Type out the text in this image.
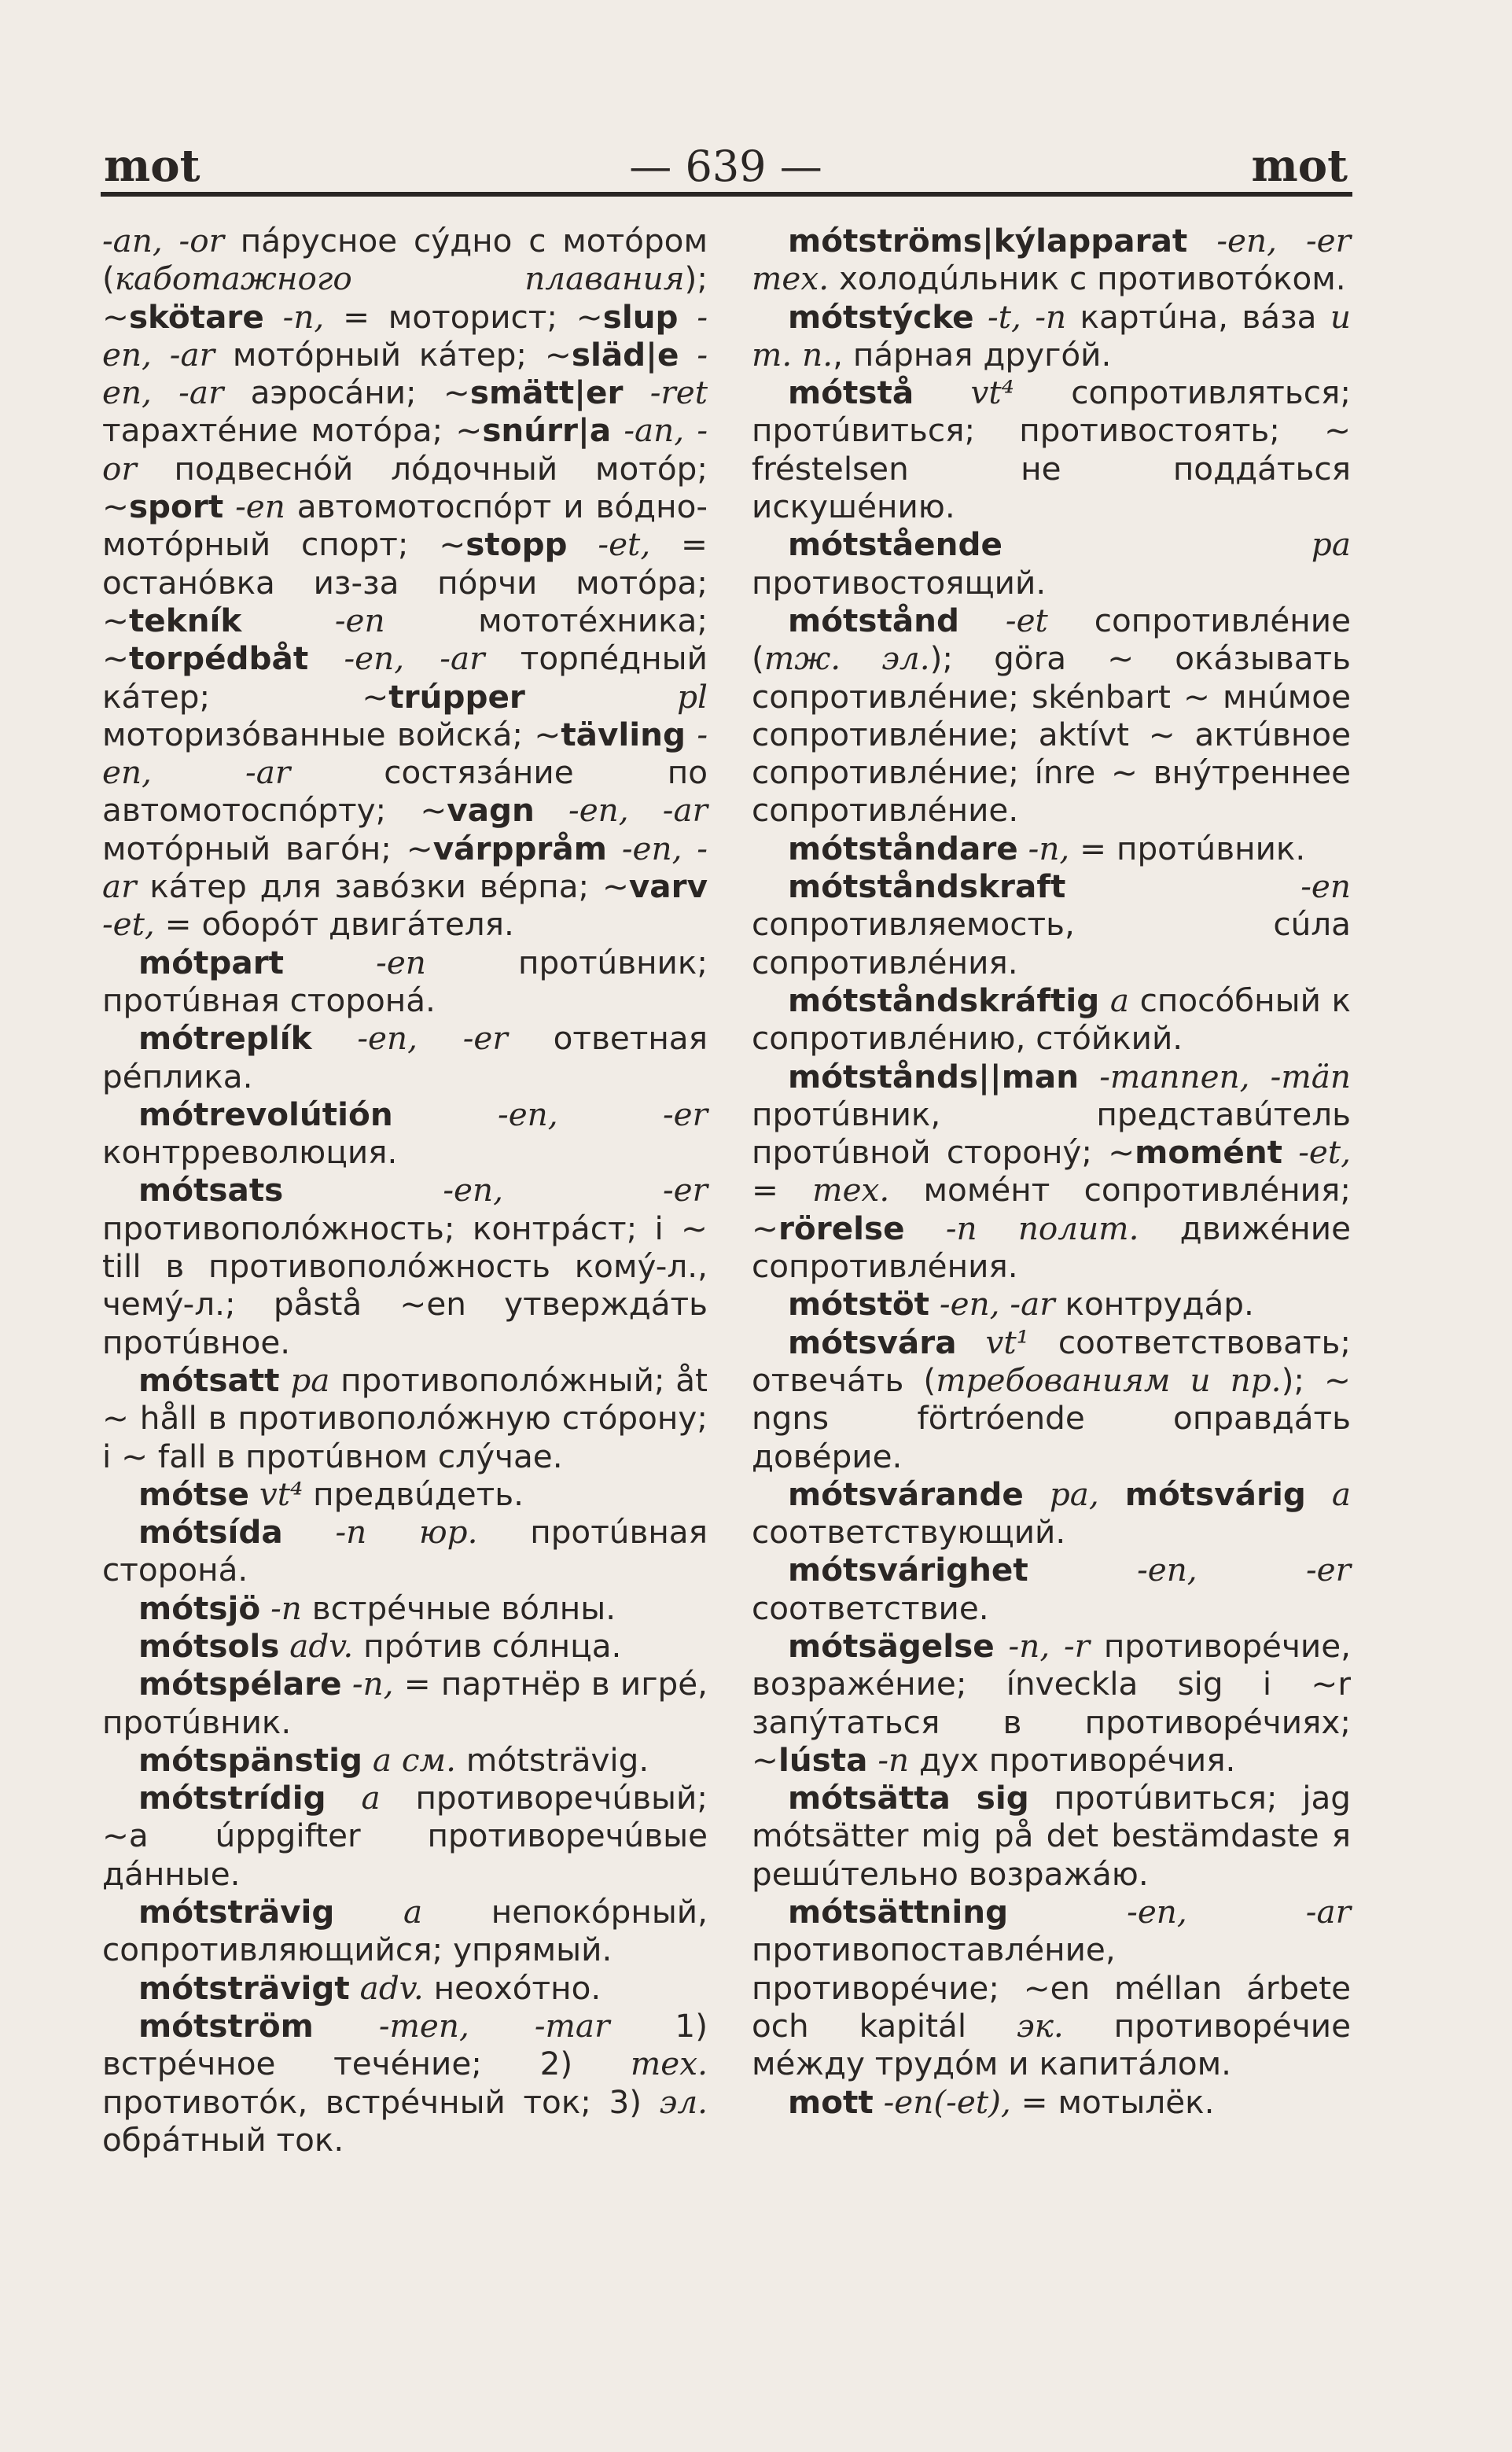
mot	— 639 —	mot

-an, -or пáрусное сýдно с мотóром (каботажного плавания); ~skötare -n, = моторист; ~slup -en, -ar мотóрный кáтер; ~släd|e -en, -ar аэросáни; ~smätt|er -ret тарахтéние мотóра; ~snúrr|a -an, -or подвеснóй лóдочный мотóр; ~sport -en автомотоспóрт и вóдно-мотóрный спорт; ~stopp -et, = останóвка из-за пóрчи мотóра; ~tekník	-en мототéхника; ~torpédbåt -en, -ar торпéдный кáтер; ~trúpper	pl моторизóванные войскá; ~tävling -en, -ar состязáние по автомотоспóрту; ~vagn -en, -ar мотóрный вагóн; ~várppråm -en, -ar кáтер для завóзки вéрпа; ~varv -et, = оборóт двигáтеля.

mótpart	-en протúвник; протúвная сторонá.

mótreplík -en, -er ответная рéплика.

mótrevolútión	-en, -er контрреволюция.

mótsats	-en, -er противополóжность; контрáст; i ~ till в противополóжность комý-л., чемý-л.; påstå ~en утверждáть протúвное.

mótsatt pa противополóжный; åt ~ håll в противополóжную стóрону; i ~ fall в протúвном слýчае.

mótse vt⁴ предвúдеть.

mótsída -n юр. протúвная сторонá.

mótsjö -n встрéчные вóлны.

mótsols adv. прóтив сóлнца.

mótspélare -n, = партнёр в игрé, протúвник.

mótspänstig a см. mótsträvig.

mótstrídig a противоречúвый; ~a úppgifter противоречúвые дáнные.

mótsträvig a непокóрный, сопротивляющийся; упрямый.

mótsträvigt adv. неохóтно.

mótström -men, -mar 1) встрéчное течéние; 2) тех. противотóк, встрéчный ток; 3) эл. обрáтный ток.

mótströms|kýlapparat -en, -er тех. холодúльник с противотóком.

mótstýcke -t, -n картúна, вáза и т. п., пáрная другóй.

mótstå vt⁴ сопротивляться; протúвиться; противостоять; ~ fréstelsen не поддáться искушéнию.

mótstående	pa противостоящий.

mótstånd -et сопротивлéние (тж. эл.); göra ~ окáзывать сопротивлéние; skénbart ~ мнúмое сопротивлéние; aktívt ~ актúвное сопротивлéние; ínre ~ внýтреннее сопротивлéние.

mótståndare -n, = протúвник.

mótståndskraft	-en сопротивляемость, сúла сопротивлéния.

mótståndskráftig a спосóбный к сопротивлéнию, стóйкий.

mótstånds||man -mannen, -män протúвник, представúтель протúвной сторонý; ~momént -et, = тех. момéнт сопротивлéния; ~rörelse -n полит. движéние сопротивлéния.

mótstöt -en, -ar контрудáр.

mótsvára vt¹ соответствовать; отвечáть (требованиям и пр.); ~ ngns förtróende оправдáть довéрие.

mótsvárande pa, mótsvárig a соответствующий.

mótsvárighet	-en, -er соответствие.

mótsägelse -n, -r противорéчие, возражéние; ínveckla sig i ~r запýтаться в противорéчиях; ~lústa -n дух противорéчия.

mótsätta sig протúвиться; jag mótsätter mig på det bestämdaste я решúтельно возражáю.

mótsättning	-en, -ar противопоставлéние, противорéчие; ~en méllan árbete och kapitál эк. противорéчие мéжду трудóм и капитáлом.

mott -en(-et), = мотылёк.
